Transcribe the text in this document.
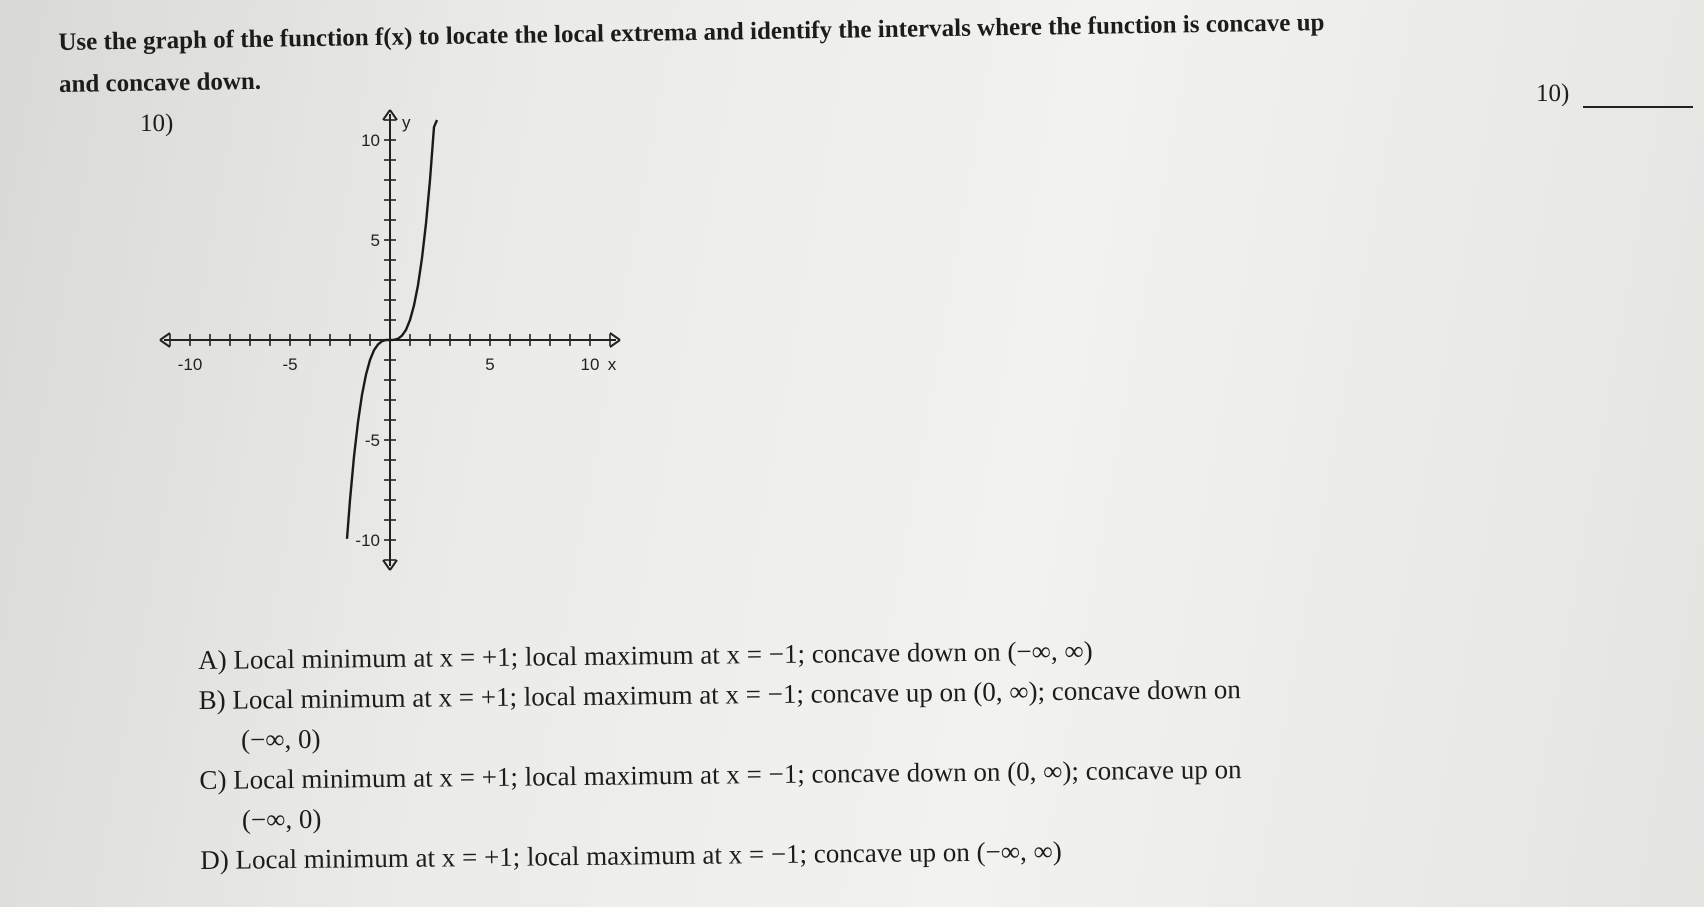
Use the graph of the function f(x) to locate the local extrema and identify the intervals where the function is concave up
and concave down.
10)
10)
-10	-5	5	10
10
5
-5
-10
x
y
A) Local minimum at x = +1; local maximum at x = −1; concave down on (−∞, ∞)
B) Local minimum at x = +1; local maximum at x = −1; concave up on (0, ∞); concave down on
(−∞, 0)
C) Local minimum at x = +1; local maximum at x = −1; concave down on (0, ∞); concave up on
(−∞, 0)
D) Local minimum at x = +1; local maximum at x = −1; concave up on (−∞, ∞)
